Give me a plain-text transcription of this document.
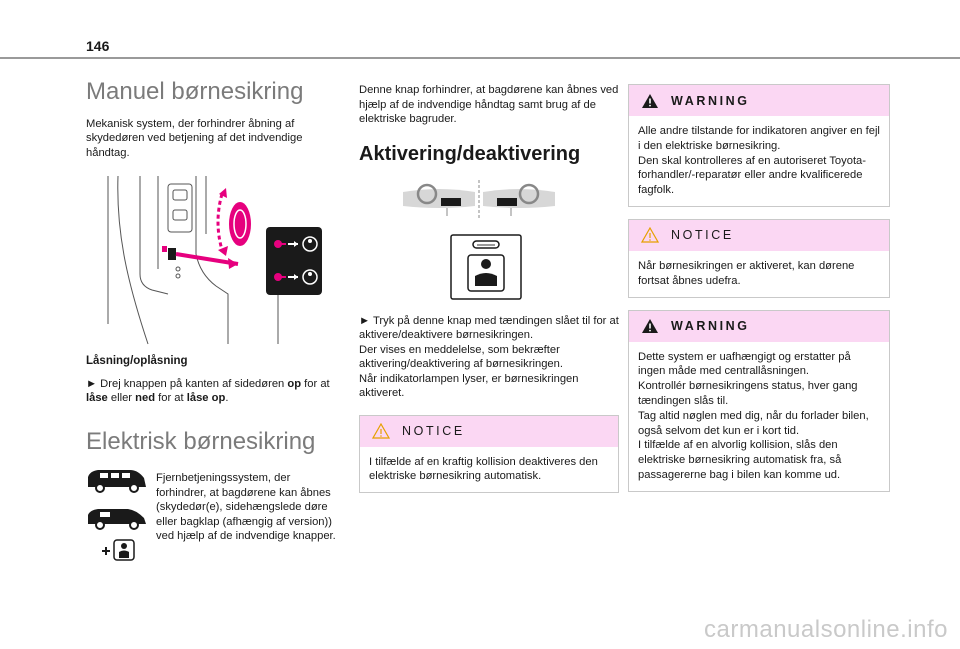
146
Manuel børnesikring

Mekanisk system, der forhindrer åbning af skydedøren ved betjening af det indvendige håndtag.

Låsning/oplåsning

► Drej knappen på kanten af sidedøren op for at låse eller ned for at låse op.

Elektrisk børnesikring

Fjernbetjeningssystem, der forhindrer, at bagdørene kan åbnes (skydedør(e), sidehængslede døre eller bagklap (afhængig af version)) ved hjælp af de indvendige knapper.

Denne knap forhindrer, at bagdørene kan åbnes ved hjælp af de indvendige håndtag samt brug af de elektriske bagruder.

Aktivering/deaktivering

► Tryk på denne knap med tændingen slået til for at aktivere/deaktivere børnesikringen.

Der vises en meddelelse, som bekræfter aktivering/deaktivering af børnesikringen.

Når indikatorlampen lyser, er børnesikringen aktiveret.

NOTICE
I tilfælde af en kraftig kollision deaktiveres den elektriske børnesikring automatisk.
WARNING
Alle andre tilstande for indikatoren angiver en fejl i den elektriske børnesikring.
Den skal kontrolleres af en autoriseret Toyota-forhandler/-reparatør eller andre kvalificerede fagfolk.
NOTICE
Når børnesikringen er aktiveret, kan dørene fortsat åbnes udefra.
WARNING
Dette system er uafhængigt og erstatter på ingen måde med centrallåsningen.
Kontrollér børnesikringens status, hver gang tændingen slås til.
Tag altid nøglen med dig, når du forlader bilen, også selvom det kun er i kort tid.
I tilfælde af en alvorlig kollision, slås den elektriske børnesikring automatisk fra, så passagererne bag i bilen kan komme ud.
carmanualsonline.info
